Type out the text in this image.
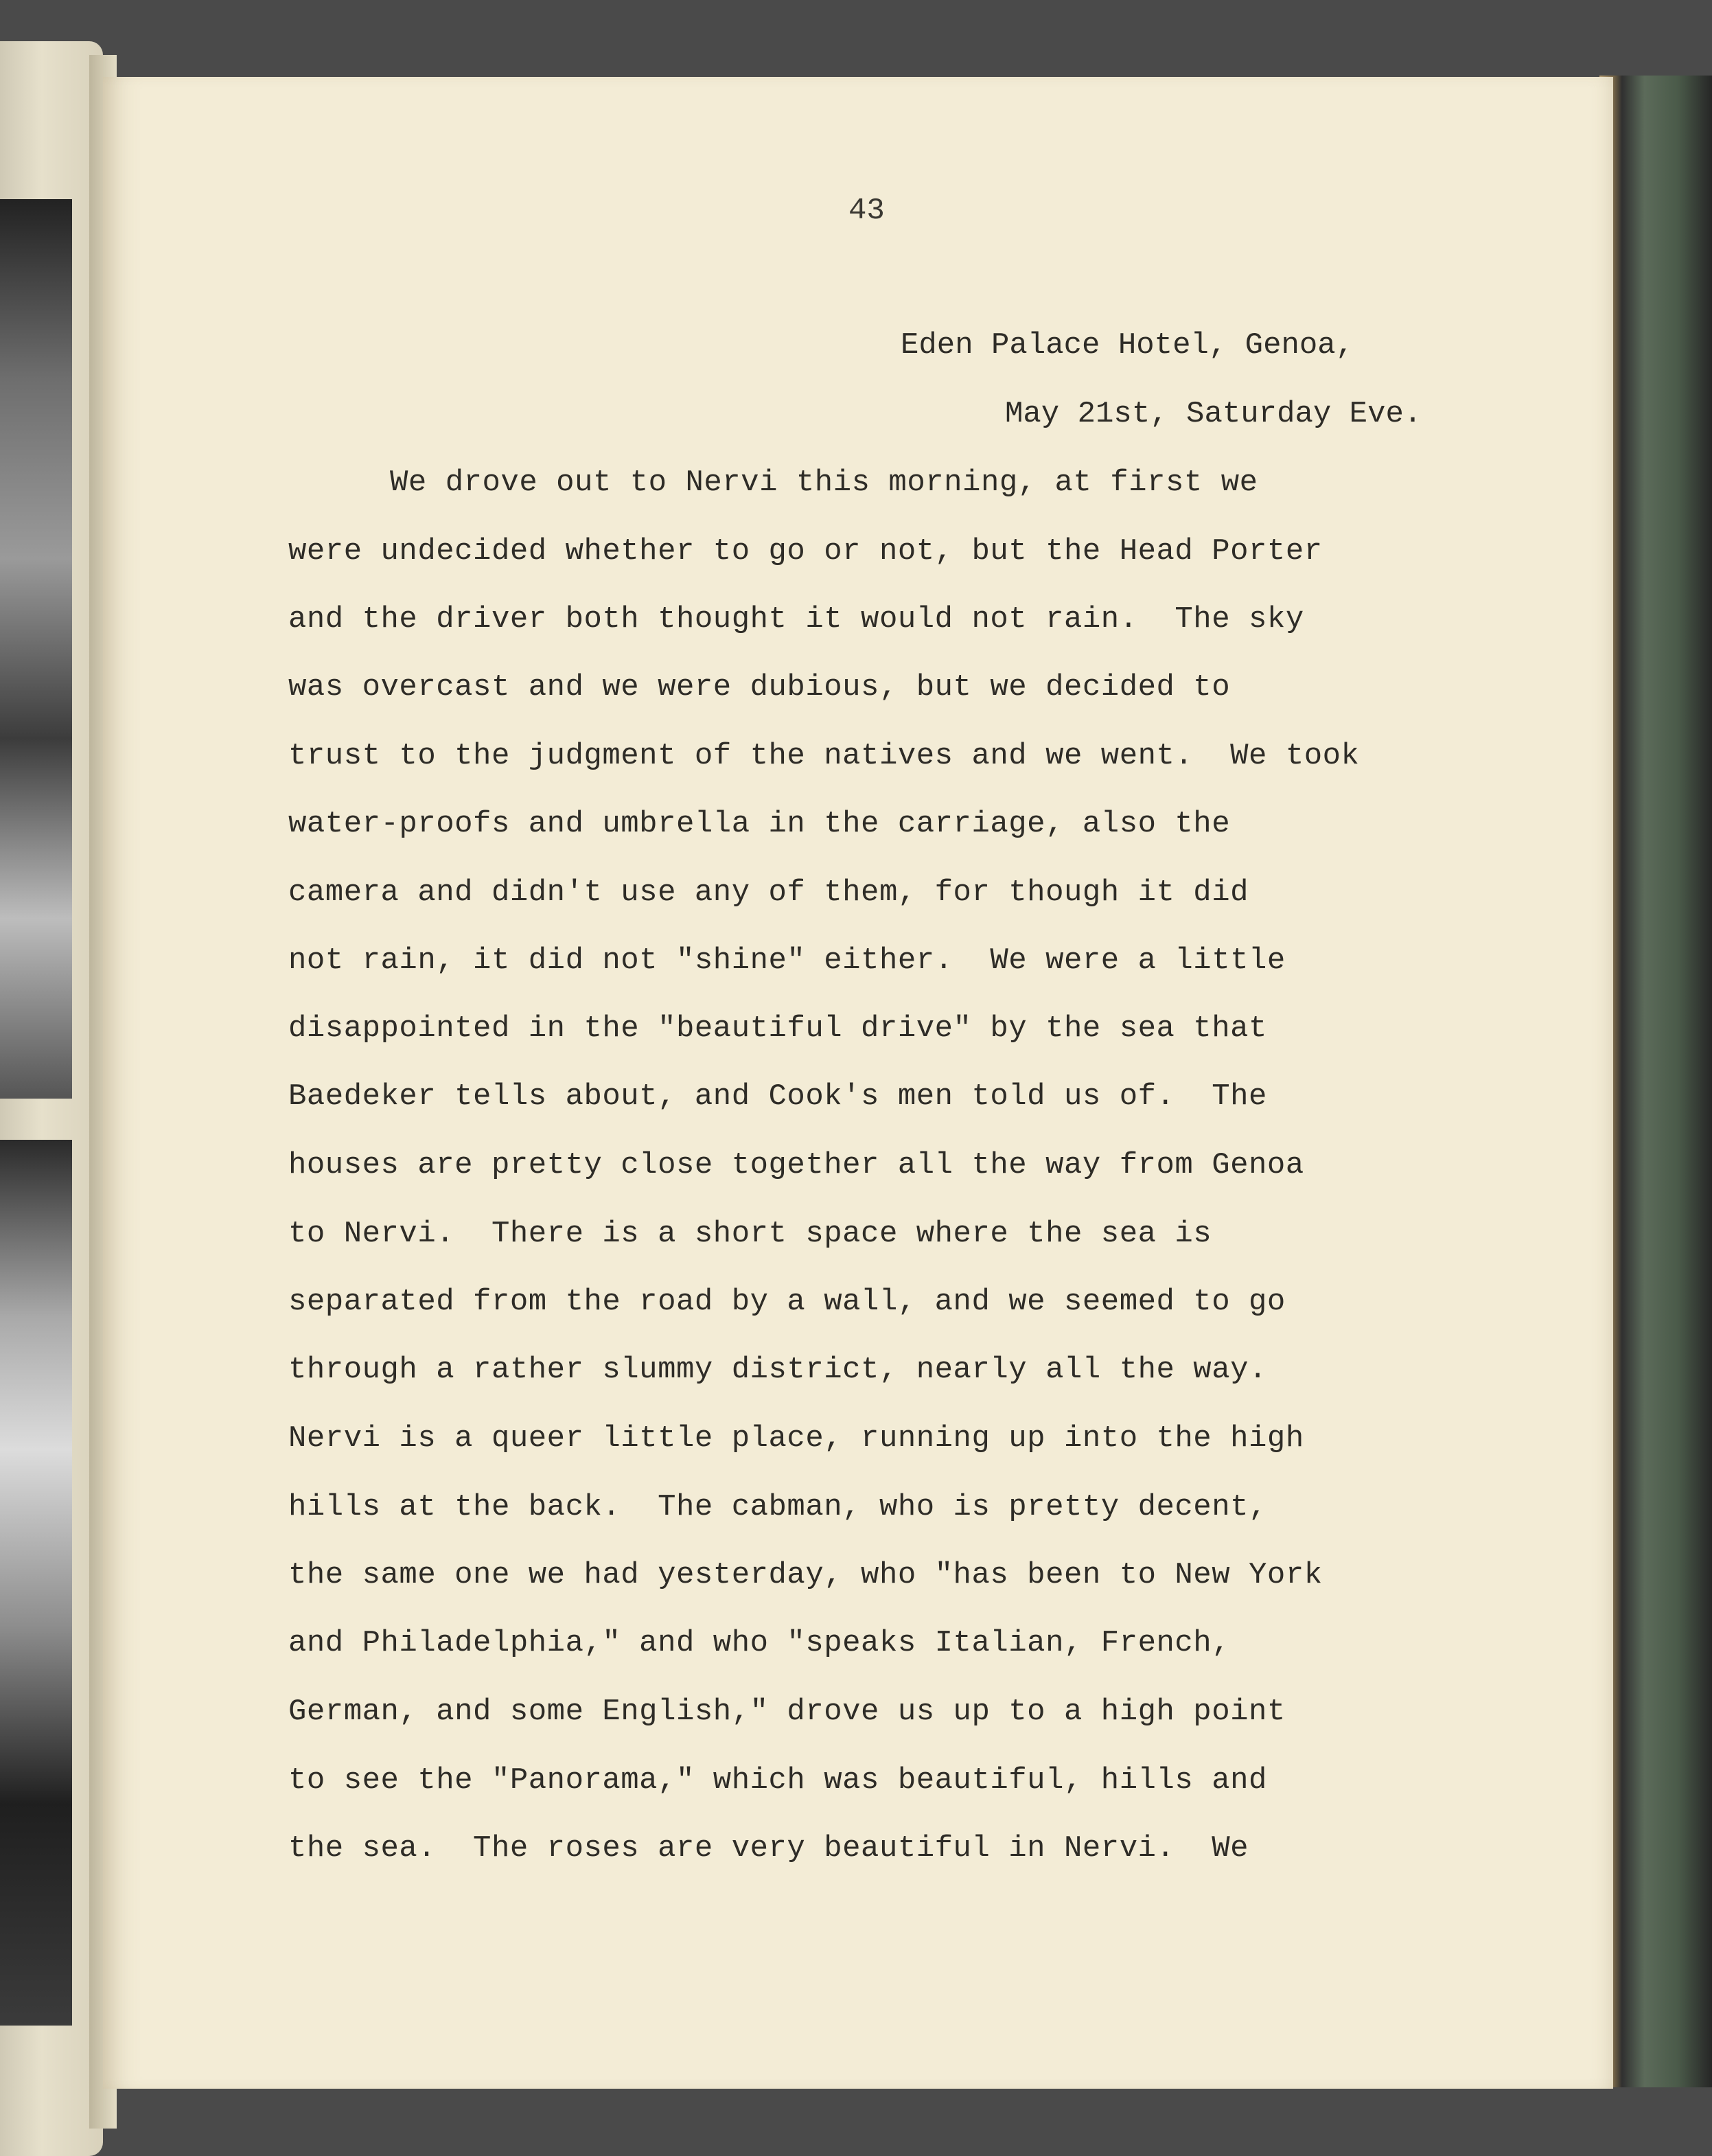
43
Eden Palace Hotel, Genoa,
May 21st, Saturday Eve.
We drove out to Nervi this morning, at first we
were undecided whether to go or not, but the Head Porter
and the driver both thought it would not rain.  The sky
was overcast and we were dubious, but we decided to
trust to the judgment of the natives and we went.  We took
water-proofs and umbrella in the carriage, also the
camera and didn't use any of them, for though it did
not rain, it did not "shine" either.  We were a little
disappointed in the "beautiful drive" by the sea that
Baedeker tells about, and Cook's men told us of.  The
houses are pretty close together all the way from Genoa
to Nervi.  There is a short space where the sea is
separated from the road by a wall, and we seemed to go
through a rather slummy district, nearly all the way.
Nervi is a queer little place, running up into the high
hills at the back.  The cabman, who is pretty decent,
the same one we had yesterday, who "has been to New York
and Philadelphia," and who "speaks Italian, French,
German, and some English," drove us up to a high point
to see the "Panorama," which was beautiful, hills and
the sea.  The roses are very beautiful in Nervi.  We
